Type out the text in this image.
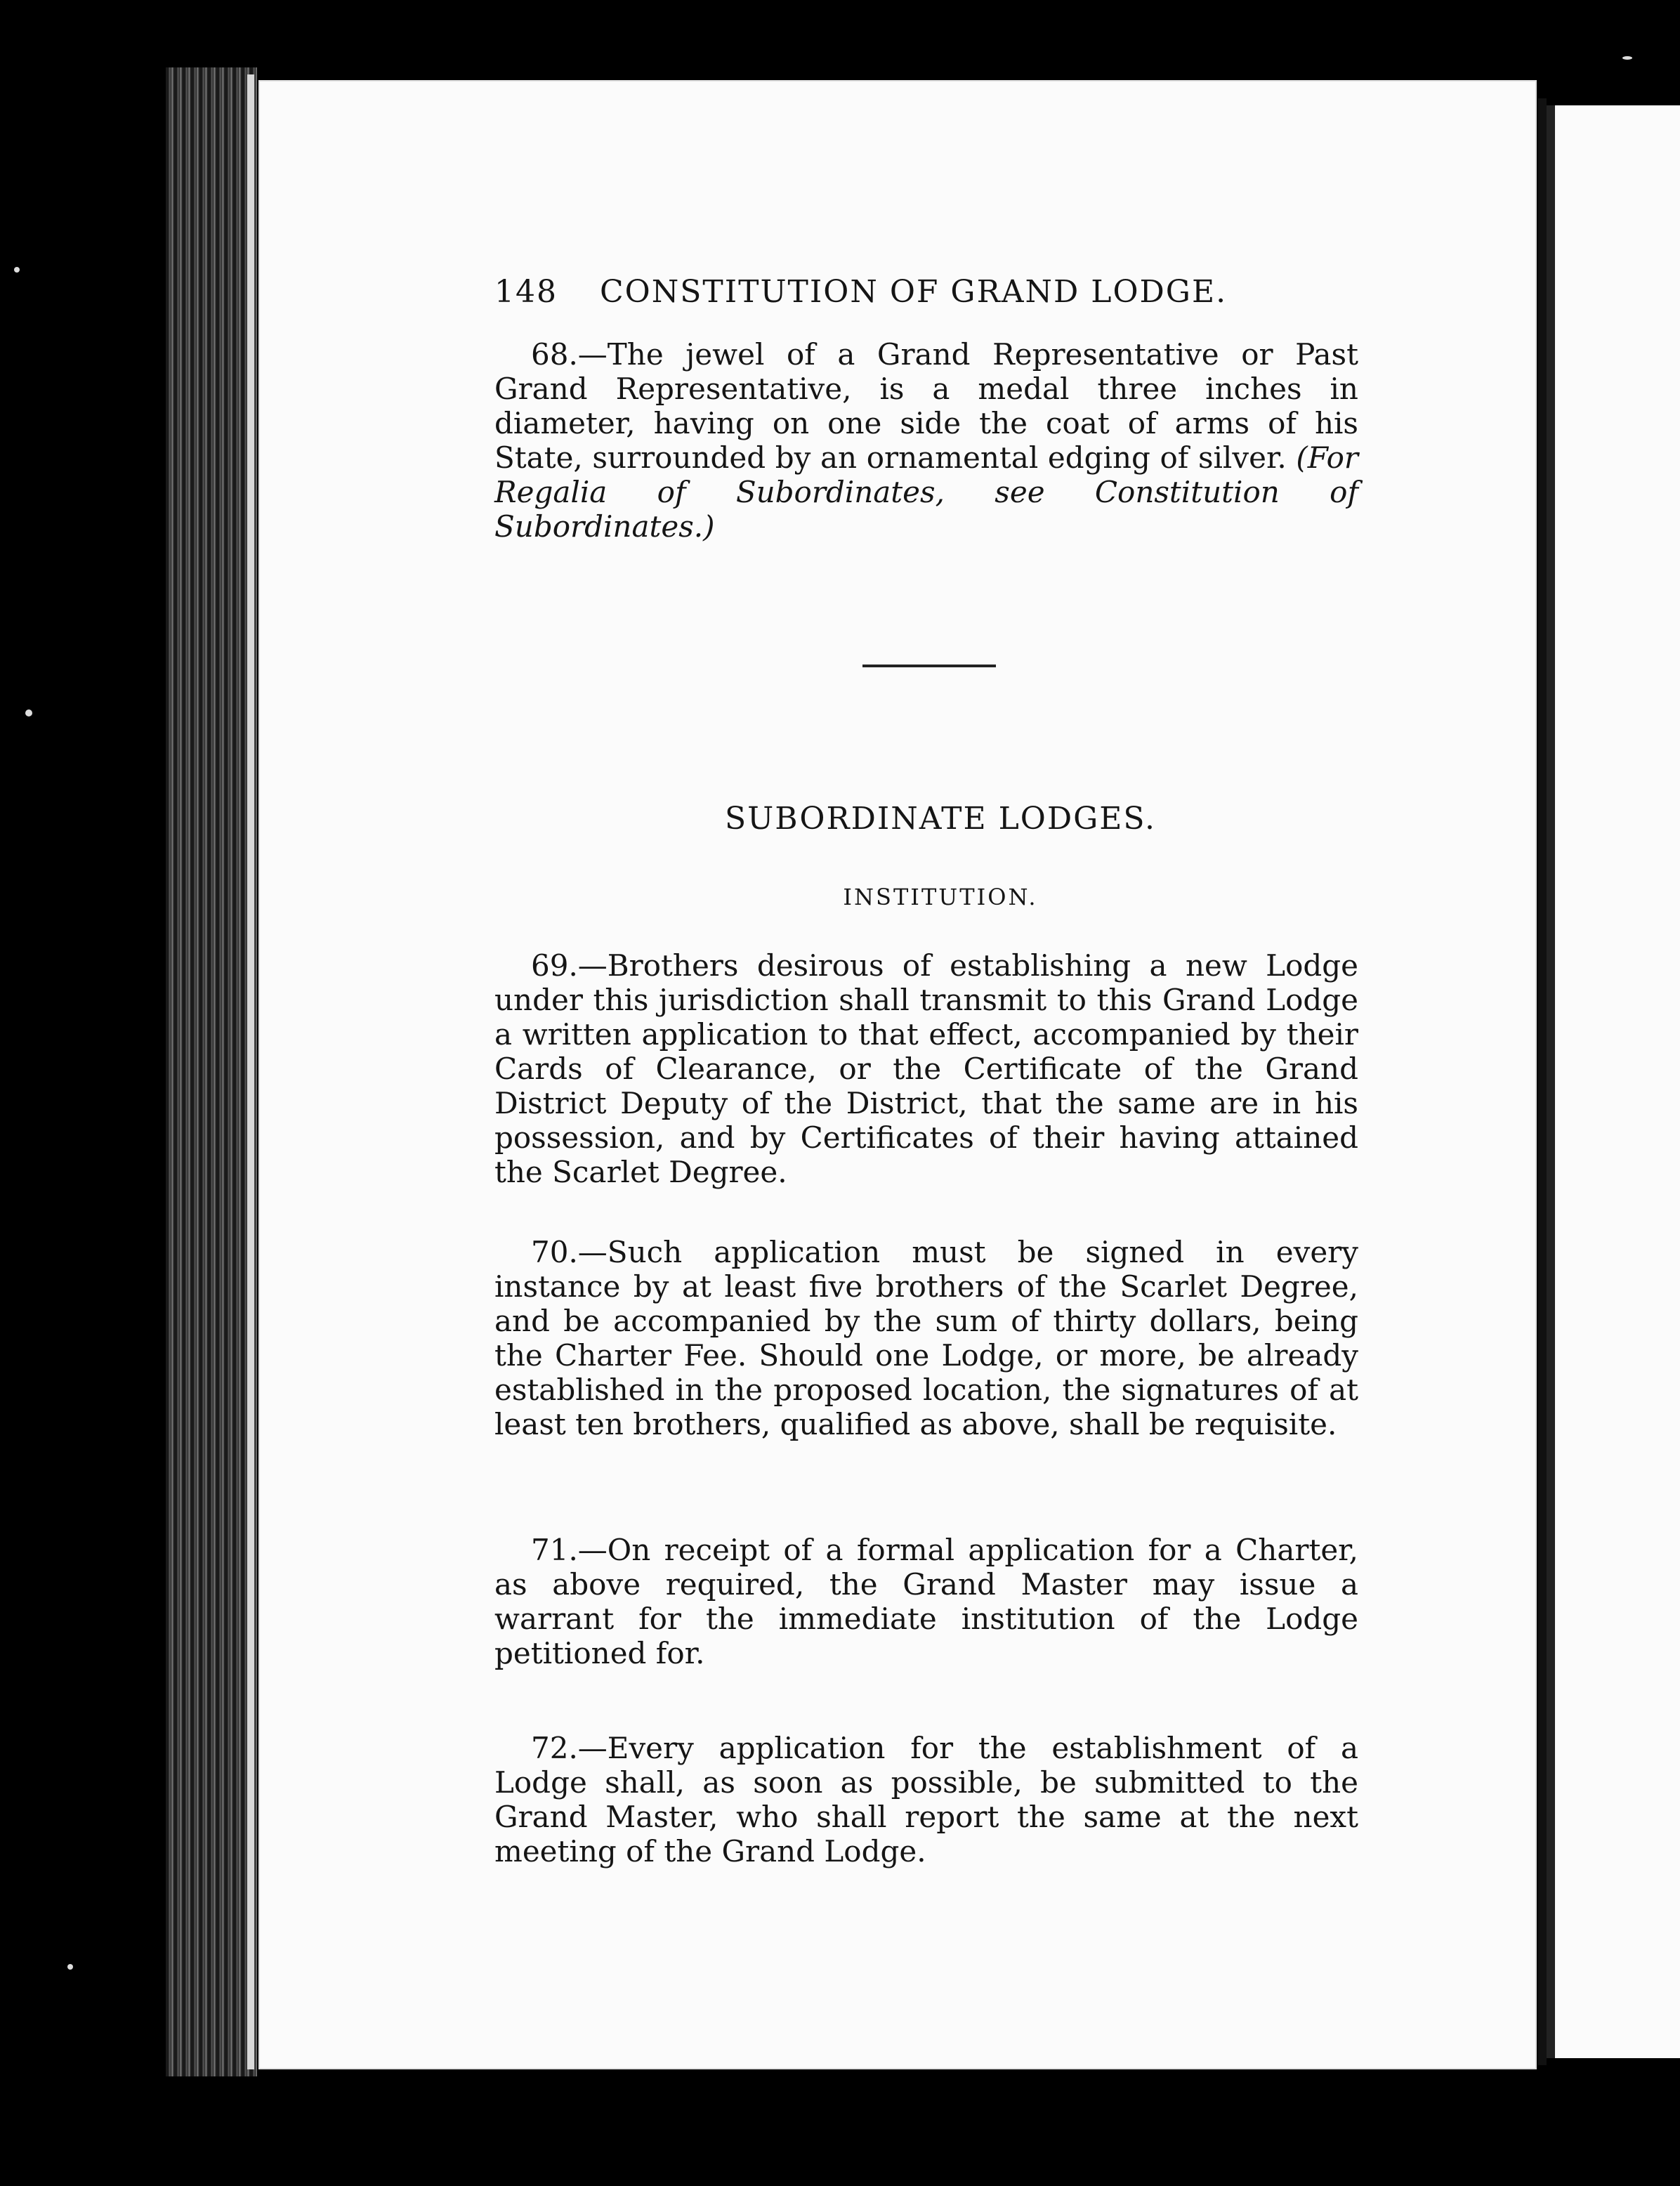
148 CONSTITUTION OF GRAND LODGE.
68.—The jewel of a Grand Representative or Past Grand Representative, is a medal three inches in diameter, having on one side the coat of arms of his State, surrounded by an ornamental edging of silver. (For Regalia of Subordinates, see Constitution of Subordinates.)
SUBORDINATE LODGES.
INSTITUTION.
69.—Brothers desirous of establishing a new Lodge under this jurisdiction shall transmit to this Grand Lodge a written application to that effect, accompanied by their Cards of Clearance, or the Certificate of the Grand District Deputy of the District, that the same are in his possession, and by Certificates of their having attained the Scarlet Degree.
70.—Such application must be signed in every instance by at least five brothers of the Scarlet Degree, and be accompanied by the sum of thirty dollars, being the Charter Fee. Should one Lodge, or more, be already established in the proposed location, the signatures of at least ten brothers, qualified as above, shall be requisite.
71.—On receipt of a formal application for a Charter, as above required, the Grand Master may issue a warrant for the immediate institution of the Lodge petitioned for.
72.—Every application for the establishment of a Lodge shall, as soon as possible, be submitted to the Grand Master, who shall report the same at the next meeting of the Grand Lodge.
